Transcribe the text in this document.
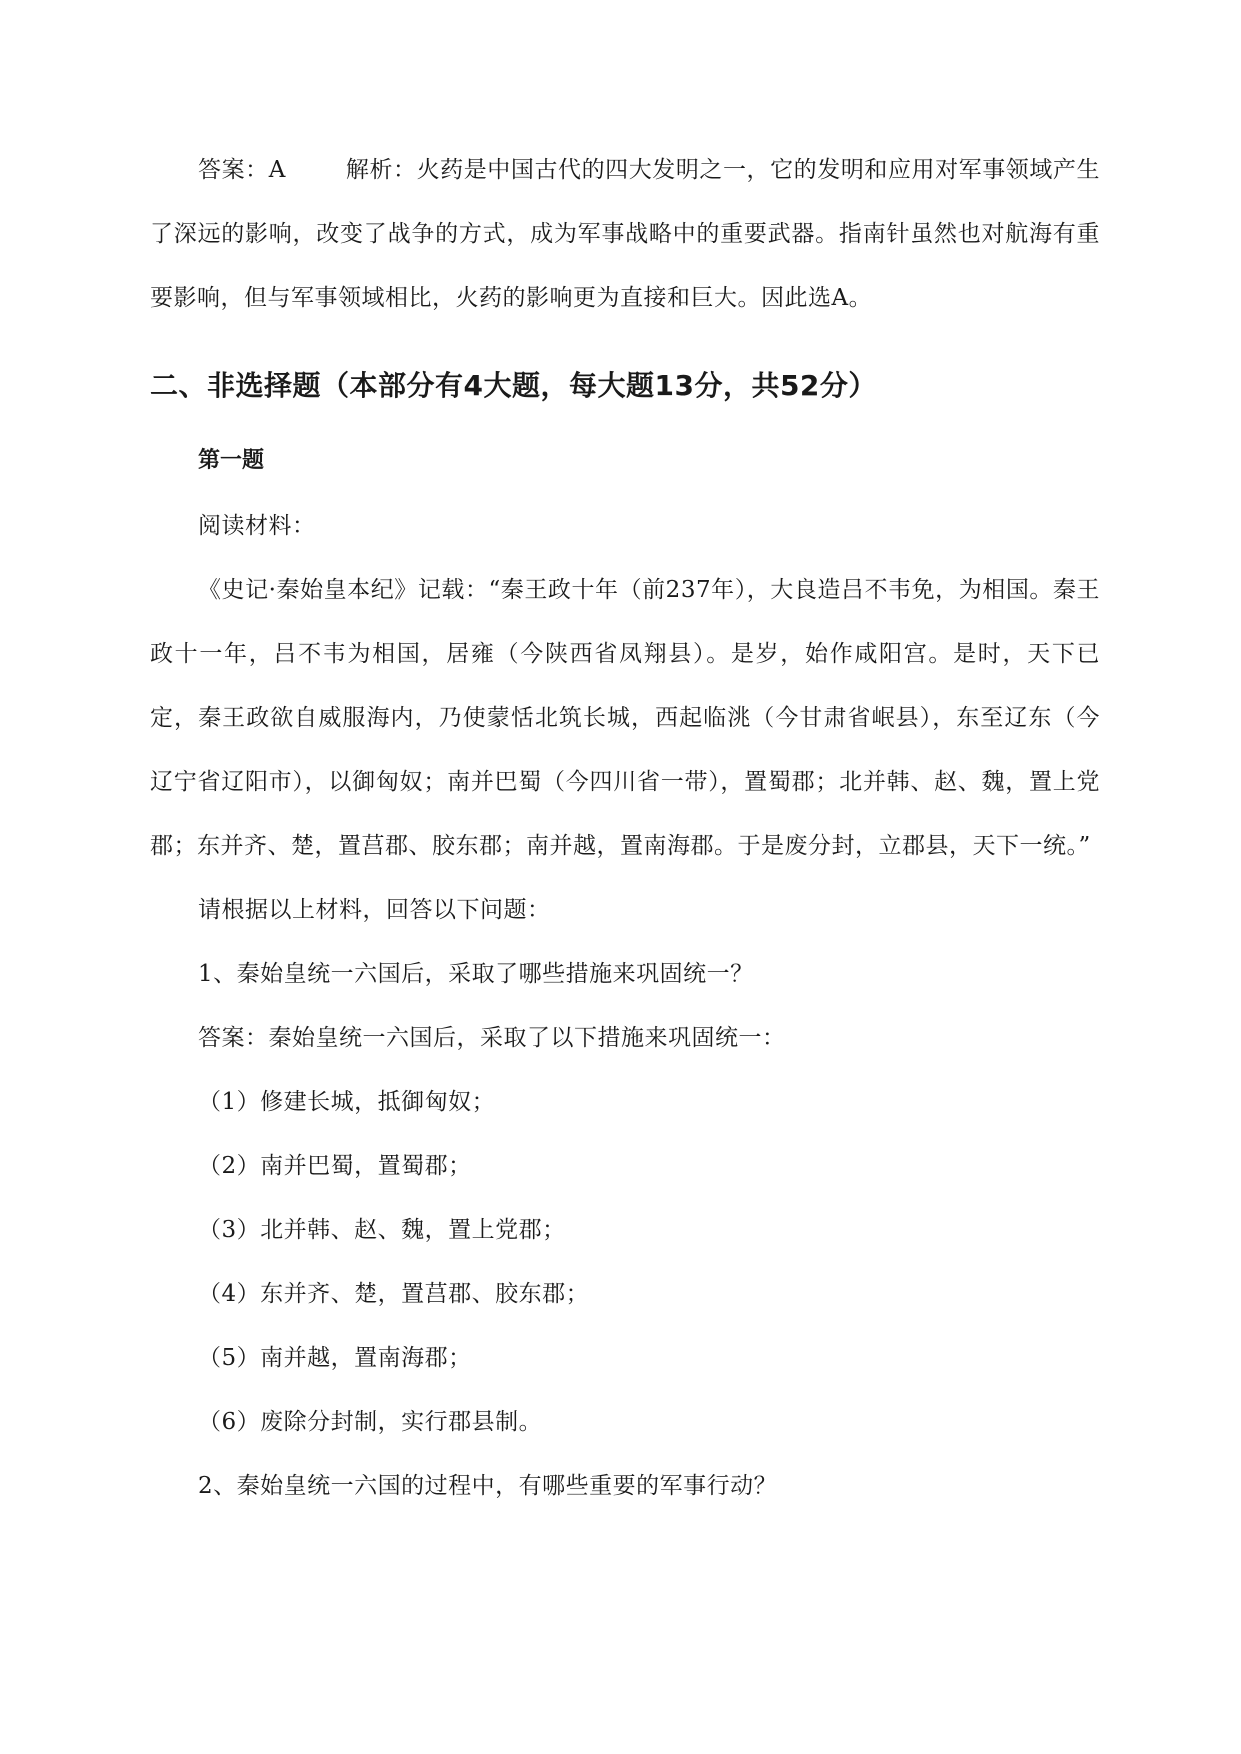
答案：A	解析：火药是中国古代的四大发明之一，它的发明和应用对军事领域产生了深远的影响，改变了战争的方式，成为军事战略中的重要武器。指南针虽然也对航海有重要影响，但与军事领域相比，火药的影响更为直接和巨大。因此选A。

二、非选择题（本部分有4大题，每大题13分，共52分）
第一题
阅读材料：

《史记·秦始皇本纪》记载：“秦王政十年（前237年），大良造吕不韦免，为相国。秦王政十一年，吕不韦为相国，居雍（今陕西省凤翔县）。是岁，始作咸阳宫。是时，天下已定，秦王政欲自威服海内，乃使蒙恬北筑长城，西起临洮（今甘肃省岷县），东至辽东（今辽宁省辽阳市），以御匈奴；南并巴蜀（今四川省一带），置蜀郡；北并韩、赵、魏，置上党郡；东并齐、楚，置莒郡、胶东郡；南并越，置南海郡。于是废分封，立郡县，天下一统。”

请根据以上材料，回答以下问题：
1、秦始皇统一六国后，采取了哪些措施来巩固统一？
答案：秦始皇统一六国后，采取了以下措施来巩固统一：
（1）修建长城，抵御匈奴；
（2）南并巴蜀，置蜀郡；
（3）北并韩、赵、魏，置上党郡；
（4）东并齐、楚，置莒郡、胶东郡；
（5）南并越，置南海郡；
（6）废除分封制，实行郡县制。
2、秦始皇统一六国的过程中，有哪些重要的军事行动？
